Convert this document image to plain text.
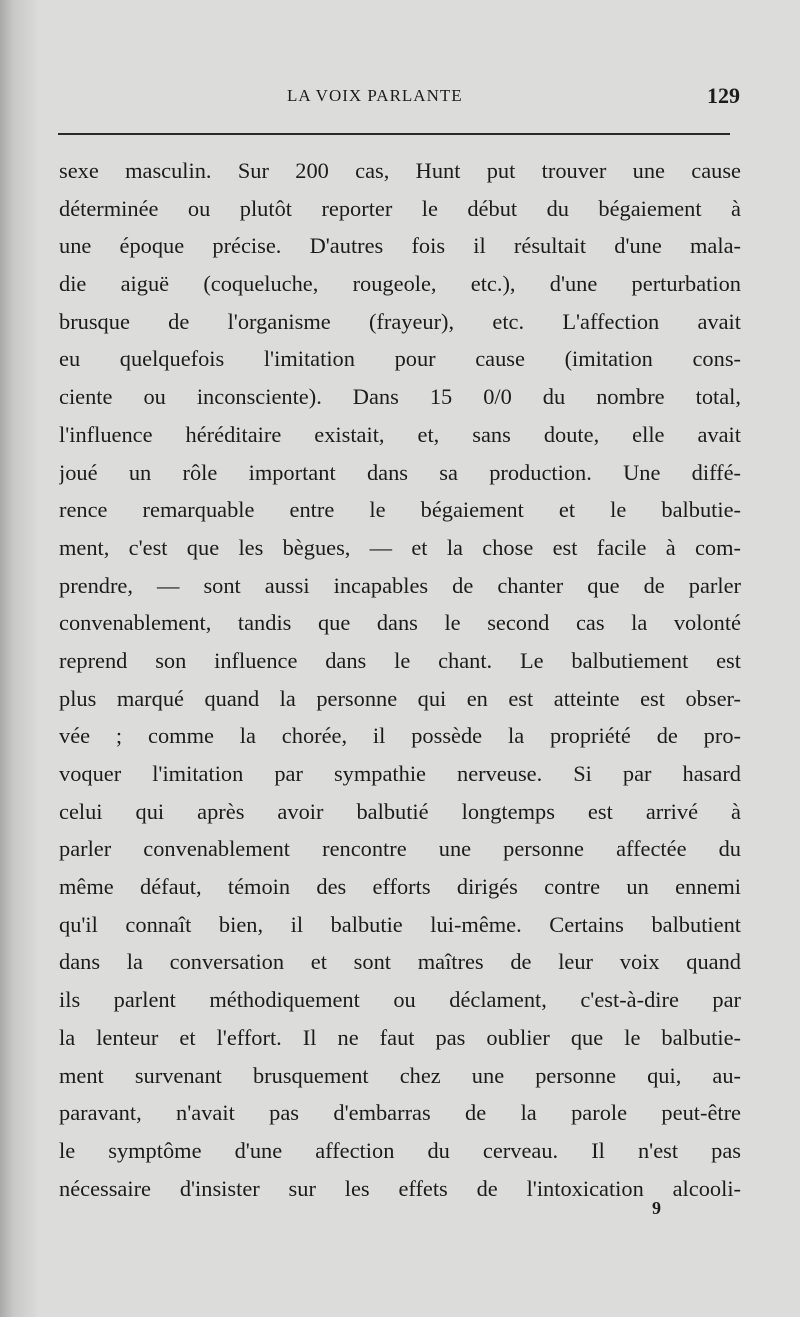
LA VOIX PARLANTE	129
sexe masculin. Sur 200 cas, Hunt put trouver une cause
déterminée ou plutôt reporter le début du bégaiement à
une époque précise. D'autres fois il résultait d'une mala-
die aiguë (coqueluche, rougeole, etc.), d'une perturbation
brusque de l'organisme (frayeur), etc. L'affection avait
eu quelquefois l'imitation pour cause (imitation cons-
ciente ou inconsciente). Dans 15 0/0 du nombre total,
l'influence héréditaire existait, et, sans doute, elle avait
joué un rôle important dans sa production. Une diffé-
rence remarquable entre le bégaiement et le balbutie-
ment, c'est que les bègues, — et la chose est facile à com-
prendre, — sont aussi incapables de chanter que de parler
convenablement, tandis que dans le second cas la volonté
reprend son influence dans le chant. Le balbutiement est
plus marqué quand la personne qui en est atteinte est obser-
vée ; comme la chorée, il possède la propriété de pro-
voquer l'imitation par sympathie nerveuse. Si par hasard
celui qui après avoir balbutié longtemps est arrivé à
parler convenablement rencontre une personne affectée du
même défaut, témoin des efforts dirigés contre un ennemi
qu'il connaît bien, il balbutie lui-même. Certains balbutient
dans la conversation et sont maîtres de leur voix quand
ils parlent méthodiquement ou déclament, c'est-à-dire par
la lenteur et l'effort. Il ne faut pas oublier que le balbutie-
ment survenant brusquement chez une personne qui, au-
paravant, n'avait pas d'embarras de la parole peut-être
le symptôme d'une affection du cerveau. Il n'est pas
nécessaire d'insister sur les effets de l'intoxication alcooli-
9
